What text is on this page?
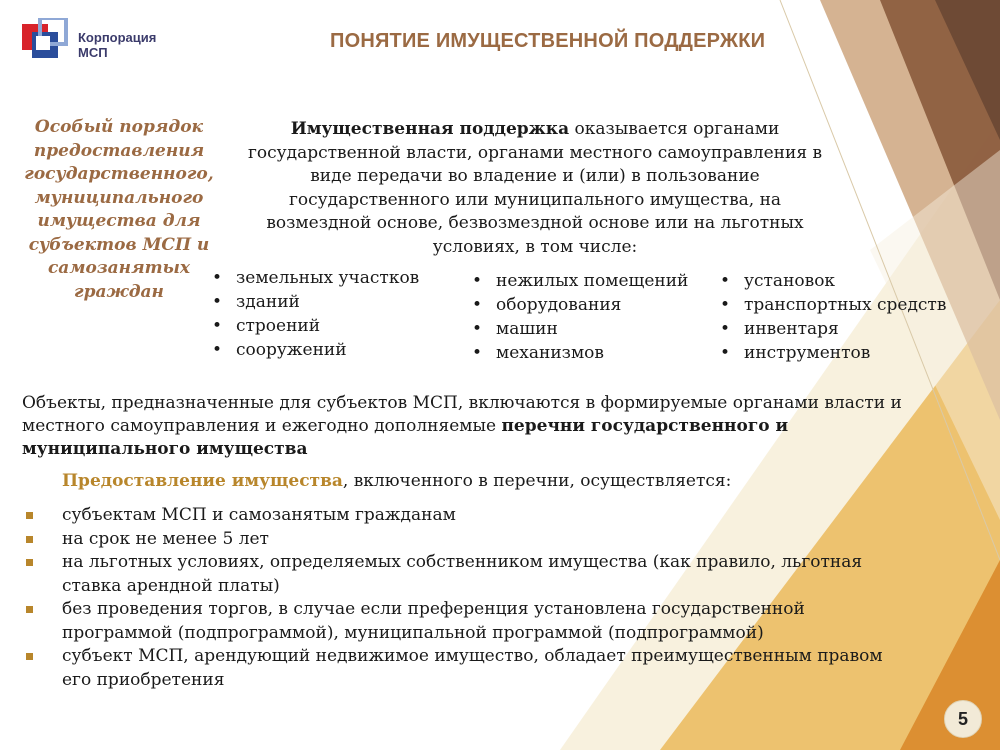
Корпорация
МСП
ПОНЯТИЕ ИМУЩЕСТВЕННОЙ ПОДДЕРЖКИ
Особый порядок предоставления государственного, муниципального имущества для субъектов МСП и самозанятых граждан
Имущественная поддержка оказывается органами государственной власти, органами местного самоуправления в виде передачи во владение и (или) в пользование государственного или муниципального имущества, на возмездной основе, безвозмездной основе или на льготных условиях, в том числе:
• земельных участков
• зданий
• строений
• сооружений
• нежилых помещений
• оборудования
• машин
• механизмов
• установок
• транспортных средств
• инвентаря
• инструментов
Объекты, предназначенные для субъектов МСП, включаются в формируемые органами власти и местного самоуправления и ежегодно дополняемые перечни государственного и муниципального имущества
Предоставление имущества, включенного в перечни, осуществляется:
субъектам МСП и самозанятым гражданам
на срок не менее 5 лет
на льготных условиях, определяемых собственником имущества (как правило, льготная ставка арендной платы)
без проведения торгов, в случае если преференция установлена государственной программой (подпрограммой), муниципальной программой (подпрограммой)
субъект МСП, арендующий недвижимое имущество, обладает преимущественным правом его приобретения
5
